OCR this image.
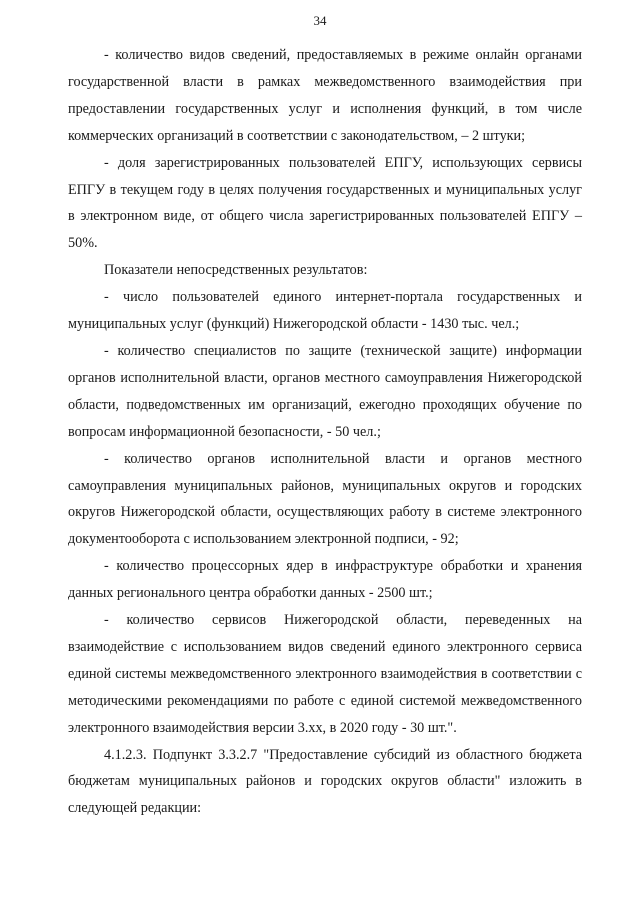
34

- количество видов сведений, предоставляемых в режиме онлайн органами государственной власти в рамках межведомственного взаимодействия при предоставлении государственных услуг и исполнения функций, в том числе коммерческих организаций в соответствии с законодательством, – 2 штуки;

- доля зарегистрированных пользователей ЕПГУ, использующих сервисы ЕПГУ в текущем году в целях получения государственных и муниципальных услуг в электронном виде, от общего числа зарегистрированных пользователей ЕПГУ – 50%.

Показатели непосредственных результатов:

- число пользователей единого интернет-портала государственных и муниципальных услуг (функций) Нижегородской области - 1430 тыс. чел.;

- количество специалистов по защите (технической защите) информации органов исполнительной власти, органов местного самоуправления Нижегородской области, подведомственных им организаций, ежегодно проходящих обучение по вопросам информационной безопасности, - 50 чел.;

- количество органов исполнительной власти и органов местного самоуправления муниципальных районов, муниципальных округов и городских округов Нижегородской области, осуществляющих работу в системе электронного документооборота с использованием электронной подписи, - 92;

- количество процессорных ядер в инфраструктуре обработки и хранения данных регионального центра обработки данных - 2500 шт.;

- количество сервисов Нижегородской области, переведенных на взаимодействие с использованием видов сведений единого электронного сервиса единой системы межведомственного электронного взаимодействия в соответствии с методическими рекомендациями по работе с единой системой межведомственного электронного взаимодействия версии 3.хх, в 2020 году - 30 шт.".

4.1.2.3. Подпункт 3.3.2.7 "Предоставление субсидий из областного бюджета бюджетам муниципальных районов и городских округов области" изложить в следующей редакции:
